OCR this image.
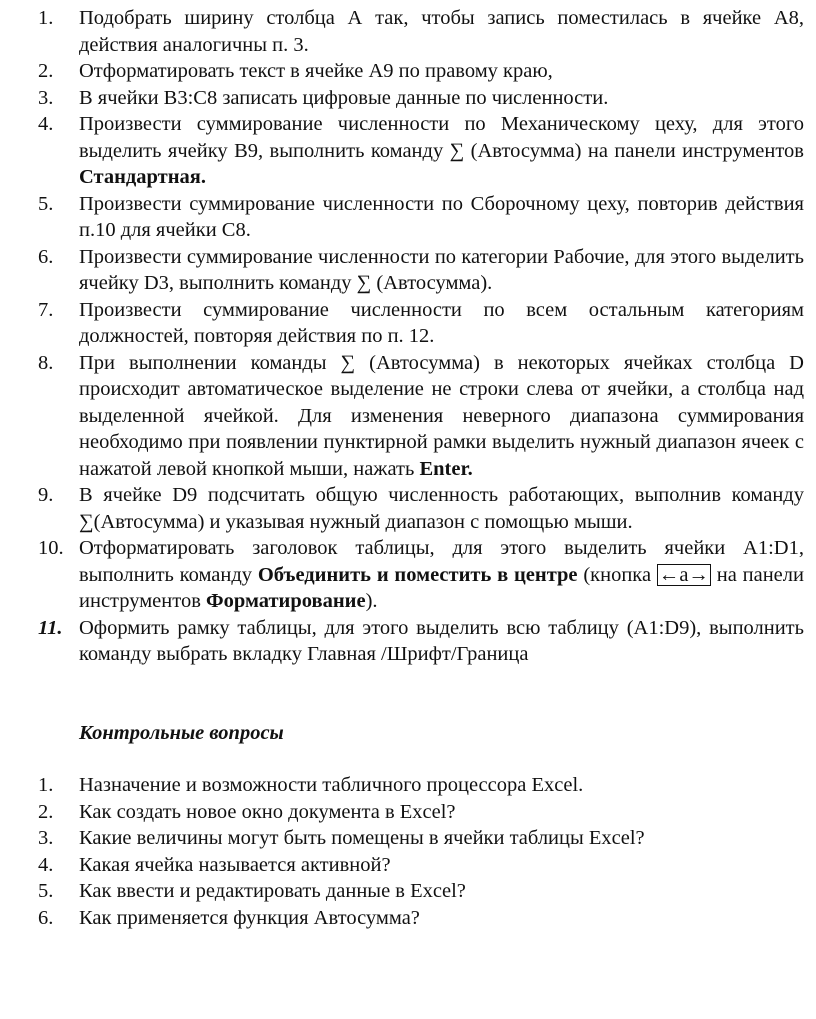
1. Подобрать ширину столбца А так, чтобы запись поместилась в ячейке А8, действия аналогичны п. 3.
2. Отформатировать текст в ячейке А9 по правому краю,
3. В ячейки В3:С8 записать цифровые данные по численности.
4. Произвести суммирование численности по Механическому цеху, для этого выделить ячейку В9, выполнить команду ∑ (Автосумма) на панели инструментов Стандартная.
5. Произвести суммирование численности по Сборочному цеху, повторив действия п.10 для ячейки С8.
6. Произвести суммирование численности по категории Рабочие, для этого выделить ячейку D3, выполнить команду ∑ (Автосумма).
7. Произвести суммирование численности по всем остальным категориям должностей, повторяя действия по п. 12.
8. При выполнении команды ∑ (Автосумма) в некоторых ячейках столбца D происходит автоматическое выделение не строки слева от ячейки, а столбца над выделенной ячейкой. Для изменения неверного диапазона суммирования необходимо при появлении пунктирной рамки выделить нужный диапазон ячеек с нажатой левой кнопкой мыши, нажать Enter.
9. В ячейке D9 подсчитать общую численность работающих, выполнив команду ∑(Автосумма) и указывая нужный диапазон с помощью мыши.
10. Отформатировать заголовок таблицы, для этого выделить ячейки A1:D1, выполнить команду Объединить и поместить в центре (кнопка ←a→ на панели инструментов Форматирование).
11. Оформить рамку таблицы, для этого выделить всю таблицу (A1:D9), выполнить команду выбрать вкладку Главная /Шрифт/Граница
Контрольные вопросы
1. Назначение и возможности табличного процессора Excel.
2. Как создать новое окно документа в Excel?
3. Какие величины могут быть помещены в ячейки таблицы Excel?
4. Какая ячейка называется активной?
5. Как ввести и редактировать данные в Excel?
6. Как применяется функция Автосумма?
